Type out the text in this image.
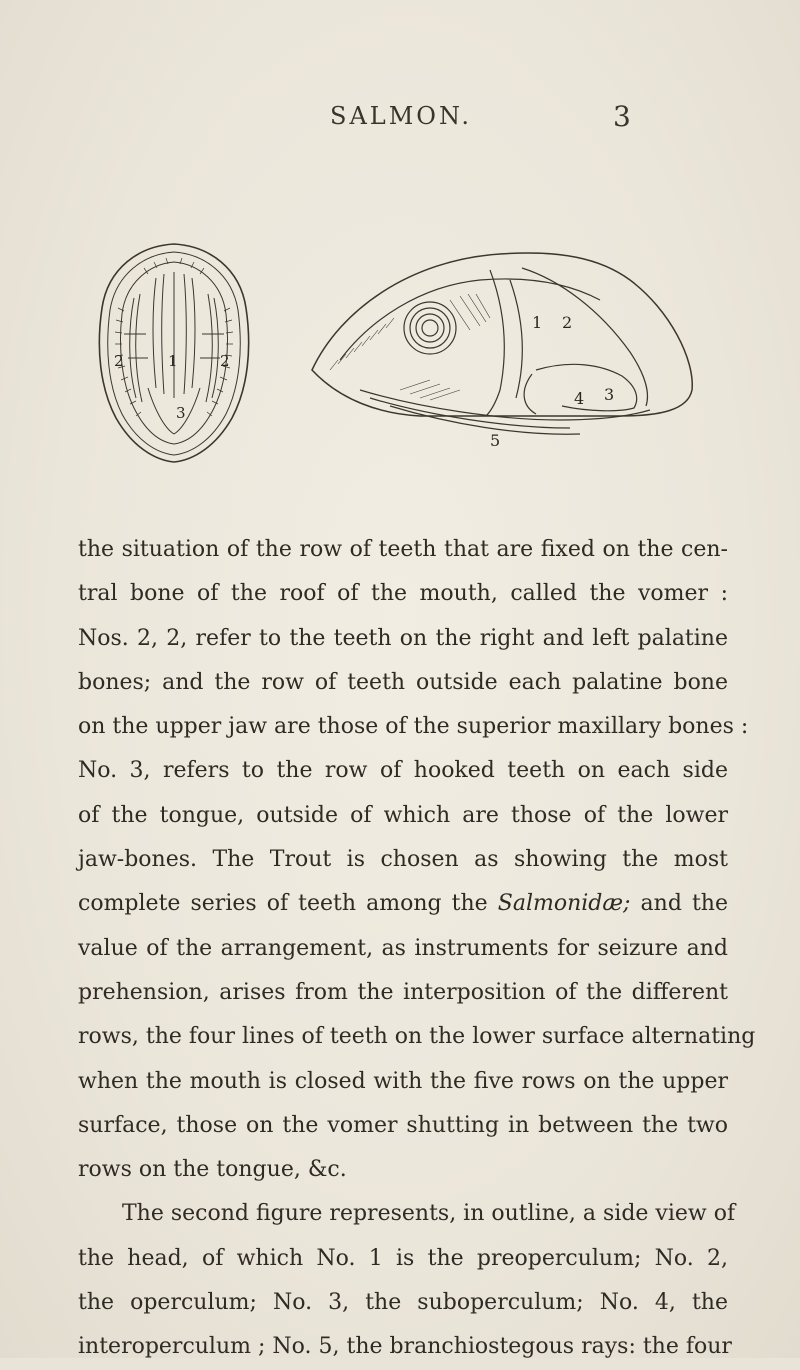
SALMON.	3
2	1	2
3
1 2
3
4
5
the situation of the row of teeth that are fixed on the cen-
tral bone of the roof of the mouth, called the vomer :
Nos. 2, 2, refer to the teeth on the right and left palatine
bones; and the row of teeth outside each palatine bone
on the upper jaw are those of the superior maxillary bones :
No. 3, refers to the row of hooked teeth on each side
of the tongue, outside of which are those of the lower
jaw-bones. The Trout is chosen as showing the most
complete series of teeth among the Salmonidæ; and the
value of the arrangement, as instruments for seizure and
prehension, arises from the interposition of the different
rows, the four lines of teeth on the lower surface alternating
when the mouth is closed with the five rows on the upper
surface, those on the vomer shutting in between the two
rows on the tongue, &c.
The second figure represents, in outline, a side view of
the head, of which No. 1 is the preoperculum; No. 2,
the operculum; No. 3, the suboperculum; No. 4, the
interoperculum ; No. 5, the branchiostegous rays: the four
